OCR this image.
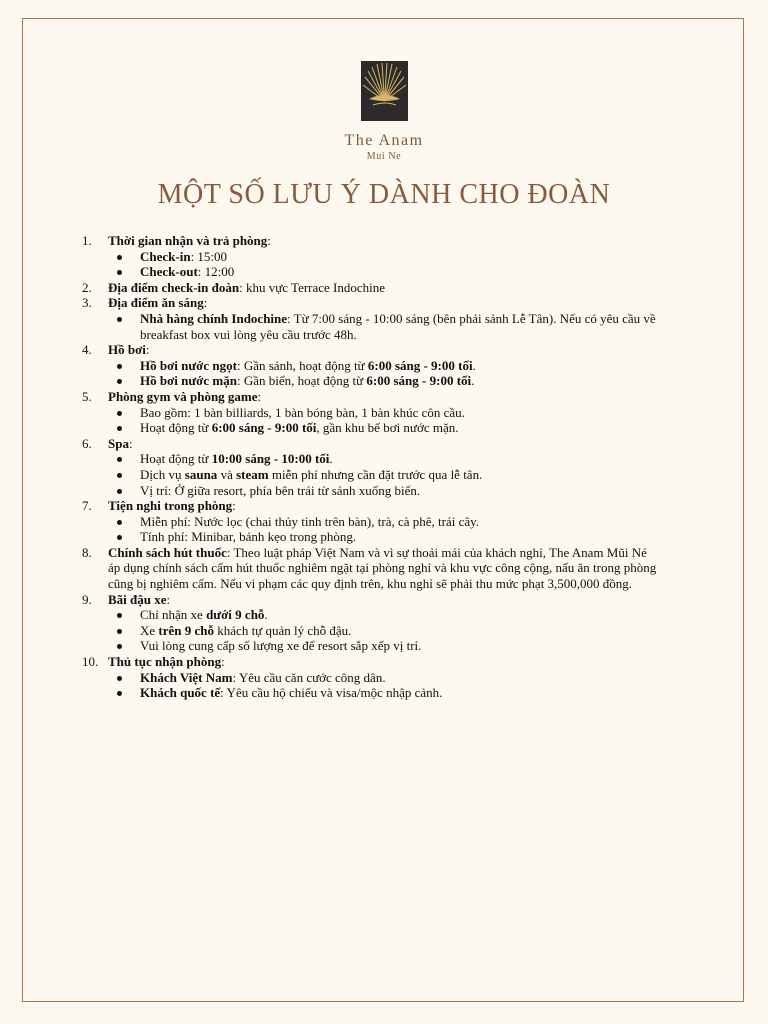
The Anam
Mui Ne
MỘT SỐ LƯU Ý DÀNH CHO ĐOÀN
1. Thời gian nhận và trả phòng:
Check-in: 15:00
Check-out: 12:00
2. Địa điểm check-in đoàn: khu vực Terrace Indochine
3. Địa điểm ăn sáng:
Nhà hàng chính Indochine: Từ 7:00 sáng - 10:00 sáng (bên phải sảnh Lễ Tân). Nếu có yêu cầu về breakfast box vui lòng yêu cầu trước 48h.
4. Hồ bơi:
Hồ bơi nước ngọt: Gần sảnh, hoạt động từ 6:00 sáng - 9:00 tối.
Hồ bơi nước mặn: Gần biển, hoạt động từ 6:00 sáng - 9:00 tối.
5. Phòng gym và phòng game:
Bao gồm: 1 bàn billiards, 1 bàn bóng bàn, 1 bàn khúc côn cầu.
Hoạt động từ 6:00 sáng - 9:00 tối, gần khu bể bơi nước mặn.
6. Spa:
Hoạt động từ 10:00 sáng - 10:00 tối.
Dịch vụ sauna và steam miễn phí nhưng cần đặt trước qua lễ tân.
Vị trí: Ở giữa resort, phía bên trái từ sảnh xuống biển.
7. Tiện nghi trong phòng:
Miễn phí: Nước lọc (chai thủy tinh trên bàn), trà, cà phê, trái cây.
Tính phí: Minibar, bánh kẹo trong phòng.
8. Chính sách hút thuốc: Theo luật pháp Việt Nam và vì sự thoải mái của khách nghỉ, The Anam Mũi Né áp dụng chính sách cấm hút thuốc nghiêm ngặt tại phòng nghỉ và khu vực công cộng, nấu ăn trong phòng cũng bị nghiêm cấm. Nếu vi phạm các quy định trên, khu nghỉ sẽ phải thu mức phạt 3,500,000 đồng.
9. Bãi đậu xe:
Chỉ nhận xe dưới 9 chỗ.
Xe trên 9 chỗ khách tự quản lý chỗ đậu.
Vui lòng cung cấp số lượng xe để resort sắp xếp vị trí.
10. Thủ tục nhận phòng:
Khách Việt Nam: Yêu cầu căn cước công dân.
Khách quốc tế: Yêu cầu hộ chiếu và visa/mộc nhập cảnh.
